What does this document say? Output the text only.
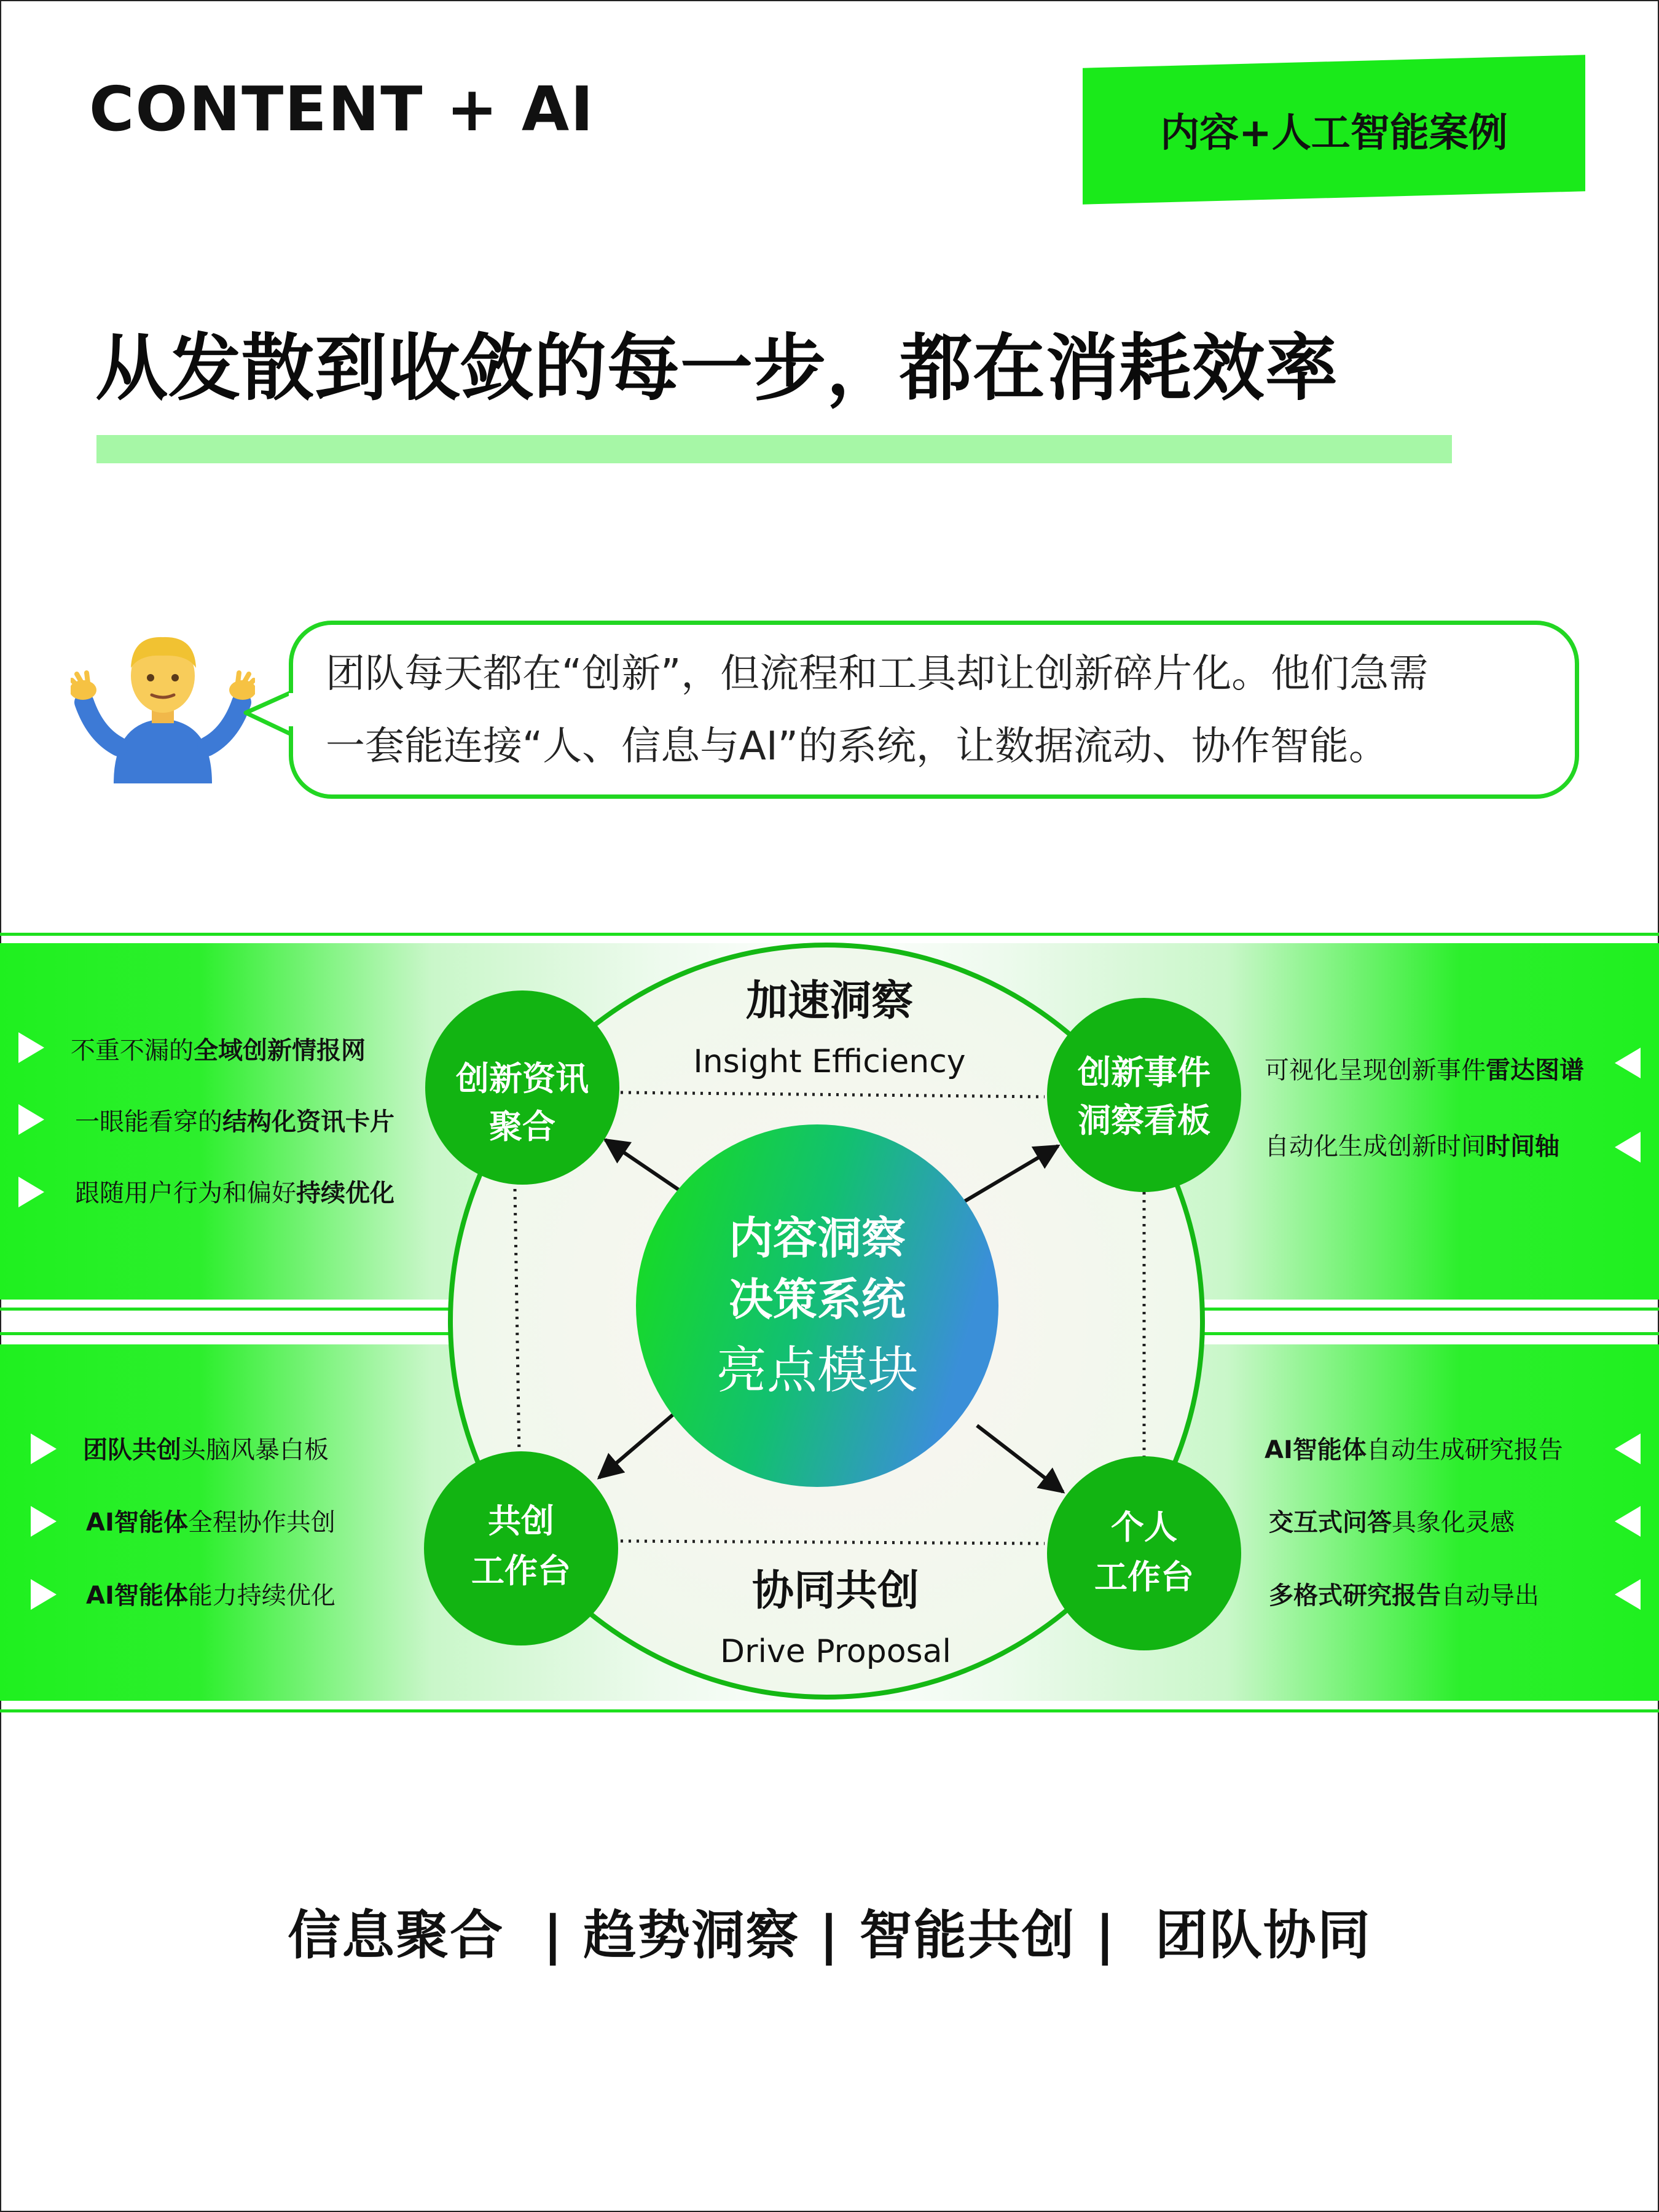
CONTENT + AI	内容+人工智能案例
从发散到收敛的每一步，都在消耗效率
团队每天都在“创新”，但流程和工具却让创新碎片化。他们急需
一套能连接“人、信息与AI”的系统，让数据流动、协作智能。
内容洞察
决策系统
亮点模块
加速洞察
Insight Efficiency
协同共创
Drive Proposal
创新资讯
聚合
创新事件
洞察看板
共创
工作台
个人
工作台
不重不漏的全域创新情报网
一眼能看穿的结构化资讯卡片
跟随用户行为和偏好持续优化
可视化呈现创新事件雷达图谱
自动化生成创新时间时间轴
团队共创头脑风暴白板
AI智能体全程协作共创
AI智能体能力持续优化
AI智能体自动生成研究报告
交互式问答具象化灵感
多格式研究报告自动导出
信息聚合  | 趋势洞察 | 智能共创 |  团队协同
